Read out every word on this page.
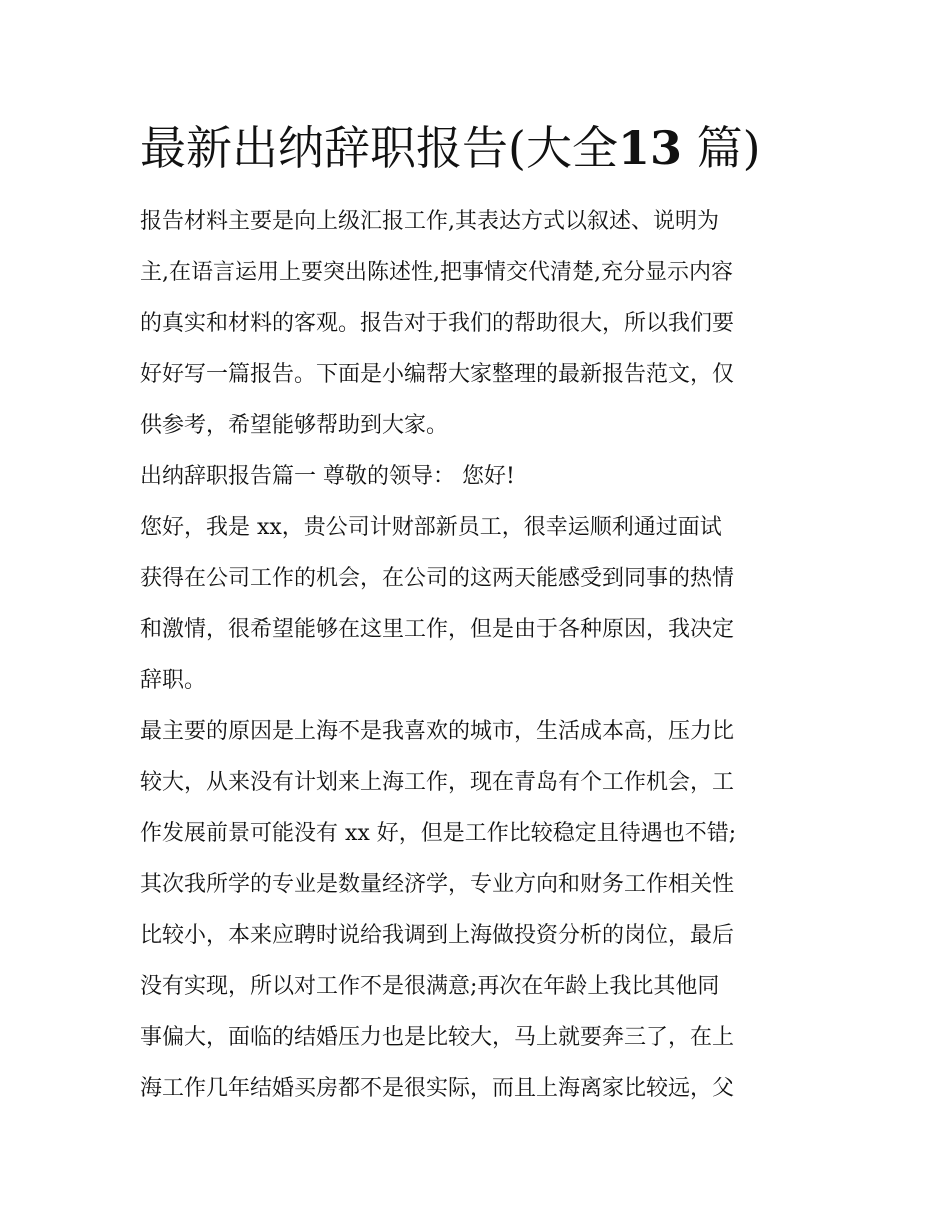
最新出纳辞职报告(大全13 篇)
报告材料主要是向上级汇报工作,其表达方式以叙述、说明为
主,在语言运用上要突出陈述性,把事情交代清楚,充分显示内容
的真实和材料的客观。报告对于我们的帮助很大，所以我们要
好好写一篇报告。下面是小编帮大家整理的最新报告范文，仅
供参考，希望能够帮助到大家。
出纳辞职报告篇一 尊敬的领导： 您好!
您好，我是 xx，贵公司计财部新员工，很幸运顺利通过面试
获得在公司工作的机会，在公司的这两天能感受到同事的热情
和激情，很希望能够在这里工作，但是由于各种原因，我决定
辞职。
最主要的原因是上海不是我喜欢的城市，生活成本高，压力比
较大，从来没有计划来上海工作，现在青岛有个工作机会，工
作发展前景可能没有 xx 好，但是工作比较稳定且待遇也不错;
其次我所学的专业是数量经济学，专业方向和财务工作相关性
比较小，本来应聘时说给我调到上海做投资分析的岗位，最后
没有实现，所以对工作不是很满意;再次在年龄上我比其他同
事偏大，面临的结婚压力也是比较大，马上就要奔三了，在上
海工作几年结婚买房都不是很实际，而且上海离家比较远，父
